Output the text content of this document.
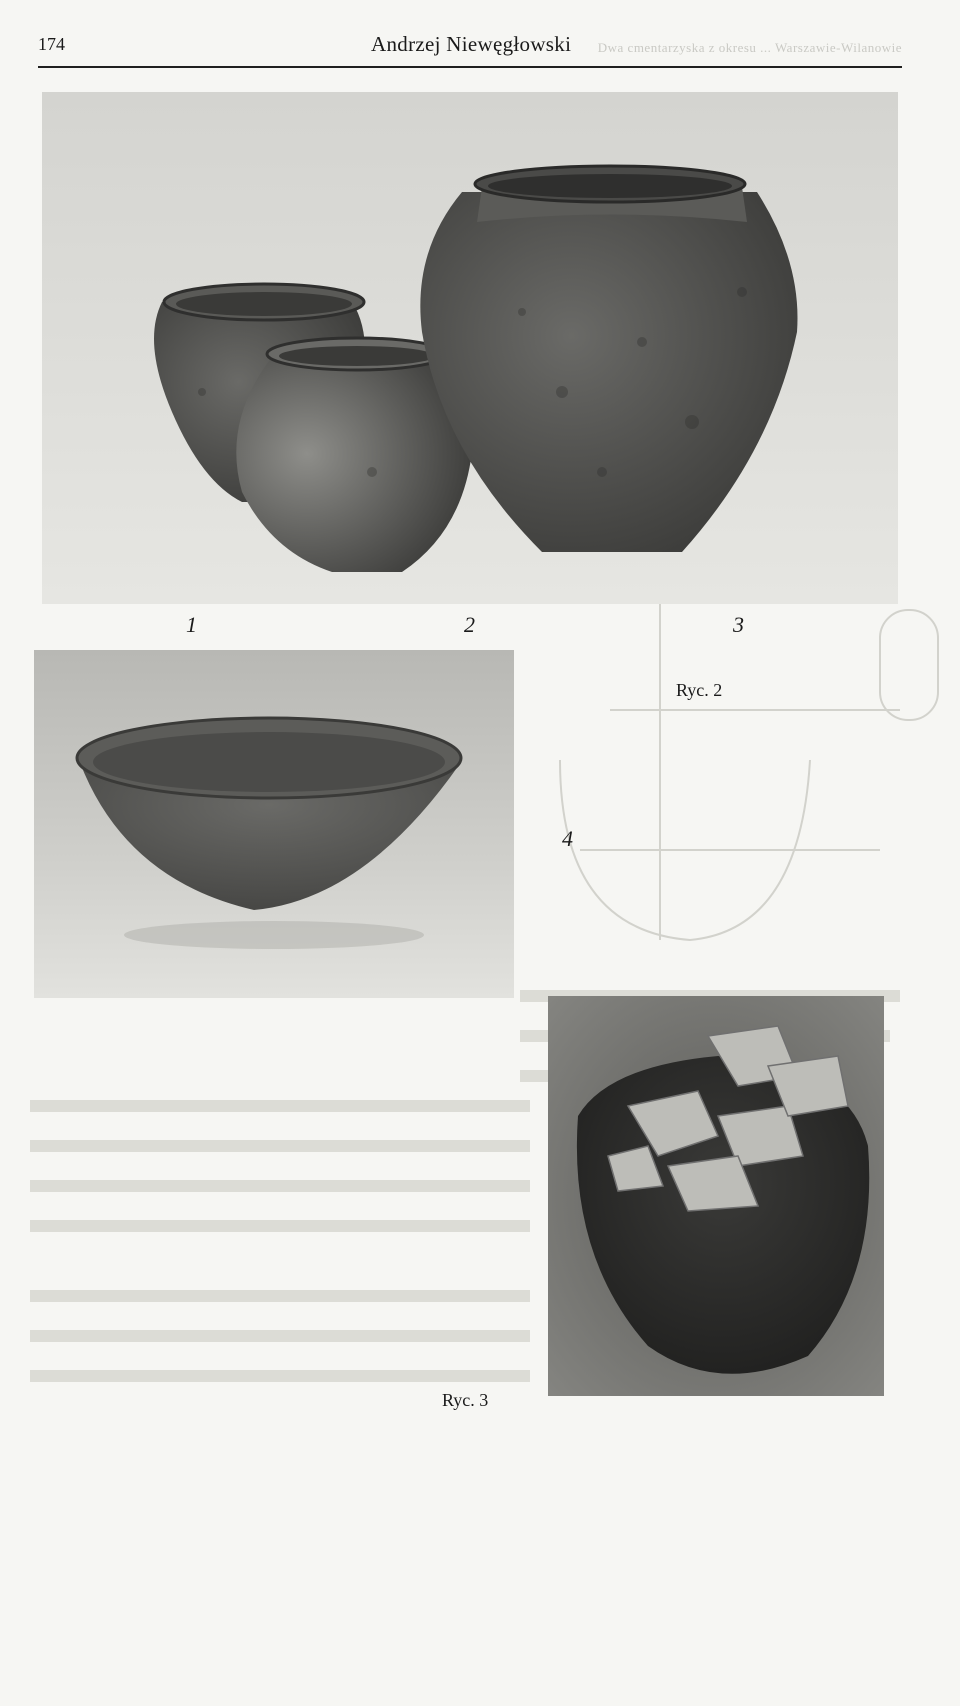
174	Andrzej Niewęgłowski Dwa cmentarzyska z okresu ... Warszawie-Wilanowie
1	2	3
Ryc. 2
4
Ryc. 3
